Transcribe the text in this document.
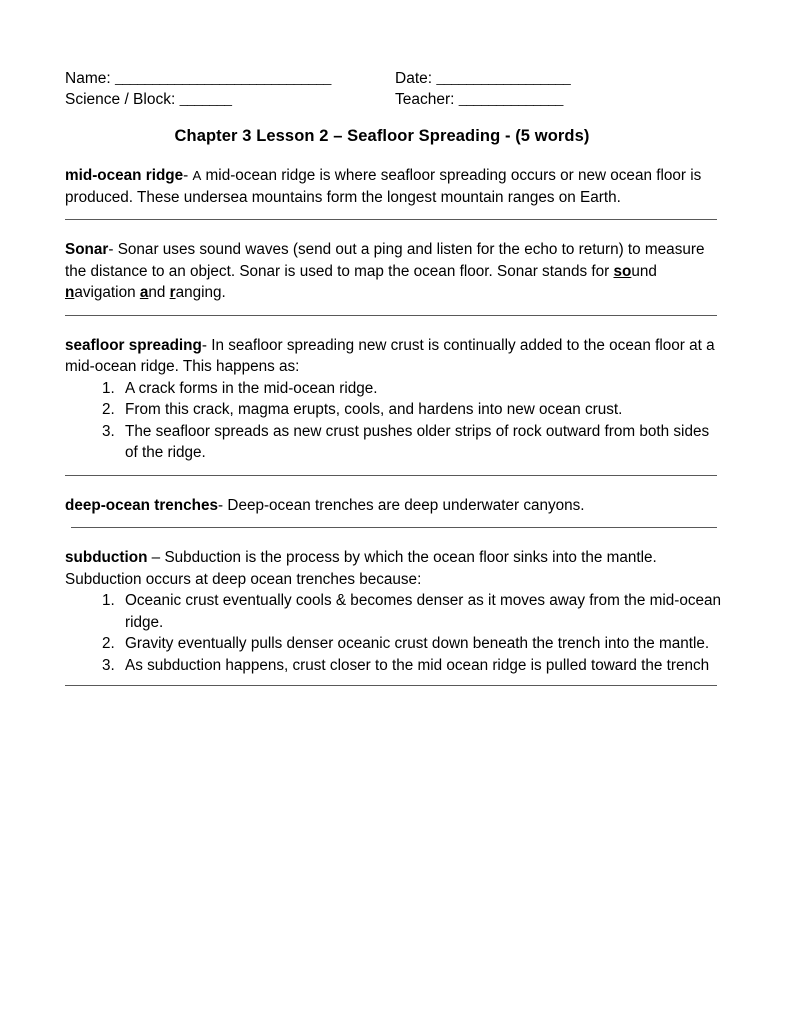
Name:
_____________________________	Date:
__________________
Science / Block:
_______	Teacher:
______________
Chapter 3 Lesson 2 – Seafloor Spreading - (5 words)

mid-ocean ridge- A mid-ocean ridge is where seafloor spreading occurs or new ocean floor is produced. These undersea mountains form the longest mountain ranges on Earth.

Sonar- Sonar uses sound waves (send out a ping and listen for the echo to return) to measure the distance to an object. Sonar is used to map the ocean floor. Sonar stands for sound navigation and ranging.

seafloor spreading- In seafloor spreading new crust is continually added to the ocean floor at a mid-ocean ridge. This happens as:

1. A crack forms in the mid-ocean ridge.
2. From this crack, magma erupts, cools, and hardens into new ocean crust.
3. The seafloor spreads as new crust pushes older strips of rock outward from both sides of the ridge.

deep-ocean trenches- Deep-ocean trenches are deep underwater canyons.

subduction – Subduction is the process by which the ocean floor sinks into the mantle. Subduction occurs at deep ocean trenches because:

1. Oceanic crust eventually cools & becomes denser as it moves away from the mid-ocean ridge.
2. Gravity eventually pulls denser oceanic crust down beneath the trench into the mantle.
3. As subduction happens, crust closer to the mid ocean ridge is pulled toward the trench
